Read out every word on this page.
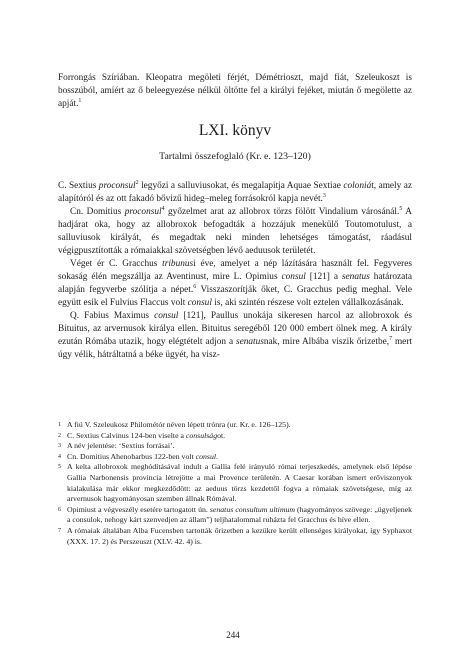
Forrongás Szíriában. Kleopatra megöleti férjét, Démétrioszt, majd fiát, Szeleukoszt is bosszúból, amiért az ő beleegyezése nélkül öltötte fel a királyi fejéket, miután ő megölette az apját.$^1$

LXI. könyv
Tartalmi összefoglaló (Kr. e. 123–120)

C. Sextius proconsul$^2$ legyőzi a salluviusokat, és megalapítja Aquae Sextiae coloniát, amely az alapítóról és az ott fakadó bővizű hideg–meleg forrásokról kapja nevét.$^3$

Cn. Domitius proconsul$^4$ győzelmet arat az allobrox törzs fölött Vindalium városánál.$^5$ A hadjárat oka, hogy az allobroxok befogadták a hozzájuk menekülő Toutomotulust, a salluviusok királyát, és megadtak neki minden lehetséges támogatást, ráadásul végigpusztították a rómaiakkal szövetségben lévő aeduusok területét.

Véget ér C. Gracchus tribunusi éve, amelyet a nép lázítására használt fel. Fegyveres sokaság élén megszállja az Aventinust, mire L. Opimius consul [121] a senatus határozata alapján fegyverbe szólítja a népet.$^6$ Visszaszorítják őket, C. Gracchus pedig meghal. Vele együtt esik el Fulvius Flaccus volt consul is, aki szintén részese volt eztelen vállalkozásának.

Q. Fabius Maximus consul [121], Paullus unokája sikeresen harcol az allobroxok és Bituitus, az arvernusok királya ellen. Bituitus seregéből 120 000 embert ölnek meg. A király ezután Rómába utazik, hogy elégtételt adjon a senatusnak, mire Albába viszik őrizetbe,$^7$ mert úgy vélik, hátráltatná a béke ügyét, ha visz-

1 A fiú V. Szeleukosz Philométór néven lépett trónra (ur. Kr. e. 126–125).

2 C. Sextius Calvinus 124-ben viselte a consulságot.

3 A név jelentése: ‘Sextius forrásai’.

4 Cn. Domitius Ahenobarbus 122-ben volt consul.

5 A kelta allobroxok meghódításával indult a Gallia felé irányuló római terjeszkedés, amelynek első lépése Gallia Narbonensis provincia létrejötte a mai Provence területén. A Caesar korában ismert erőviszonyok kialakulása már ekkor megkezdődött: az aeduus törzs kezdettől fogva a rómaiak szövetségese, míg az arvernusok hagyományosan szemben állnak Rómával.

6 Opimiust a végveszély esetére tartogatott ún. senatus consultum ultimum (hagyományos szövege: „ügyeljenek a consulok, nehogy kárt szenvedjen az állam”) teljhatalommal ruházta fel Gracchus és híve ellen.

7 A rómaiak általában Alba Fucensben tartották őrizetben a kezükre került ellenséges királyokat, így Syphaxot (XXX. 17. 2) és Perszeuszt (XLV. 42. 4) is.

244
